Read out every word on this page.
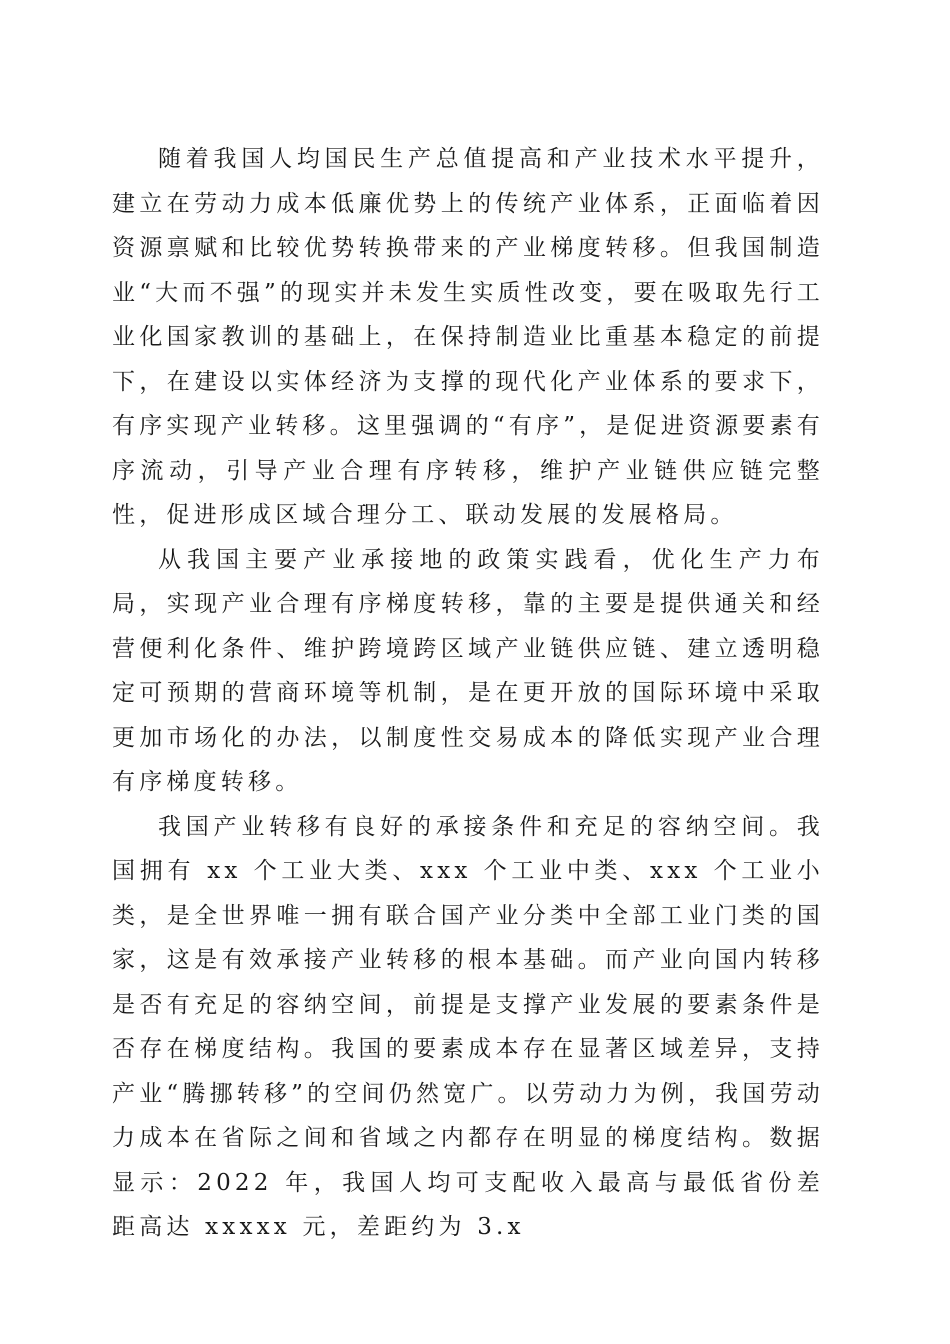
随着我国人均国民生产总值提高和产业技术水平提升，建立在劳动力成本低廉优势上的传统产业体系，正面临着因资源禀赋和比较优势转换带来的产业梯度转移。但我国制造业“大而不强”的现实并未发生实质性改变，要在吸取先行工业化国家教训的基础上，在保持制造业比重基本稳定的前提下，在建设以实体经济为支撑的现代化产业体系的要求下，有序实现产业转移。这里强调的“有序”，是促进资源要素有序流动，引导产业合理有序转移，维护产业链供应链完整性，促进形成区域合理分工、联动发展的发展格局。

从我国主要产业承接地的政策实践看，优化生产力布局，实现产业合理有序梯度转移，靠的主要是提供通关和经营便利化条件、维护跨境跨区域产业链供应链、建立透明稳定可预期的营商环境等机制，是在更开放的国际环境中采取更加市场化的办法，以制度性交易成本的降低实现产业合理有序梯度转移。

我国产业转移有良好的承接条件和充足的容纳空间。我国拥有 xx 个工业大类、xxx 个工业中类、xxx 个工业小类，是全世界唯一拥有联合国产业分类中全部工业门类的国家，这是有效承接产业转移的根本基础。而产业向国内转移是否有充足的容纳空间，前提是支撑产业发展的要素条件是否存在梯度结构。我国的要素成本存在显著区域差异，支持产业“腾挪转移”的空间仍然宽广。以劳动力为例，我国劳动力成本在省际之间和省域之内都存在明显的梯度结构。数据显示：2022 年，我国人均可支配收入最高与最低省份差距高达 xxxxx 元，差距约为 3.x
